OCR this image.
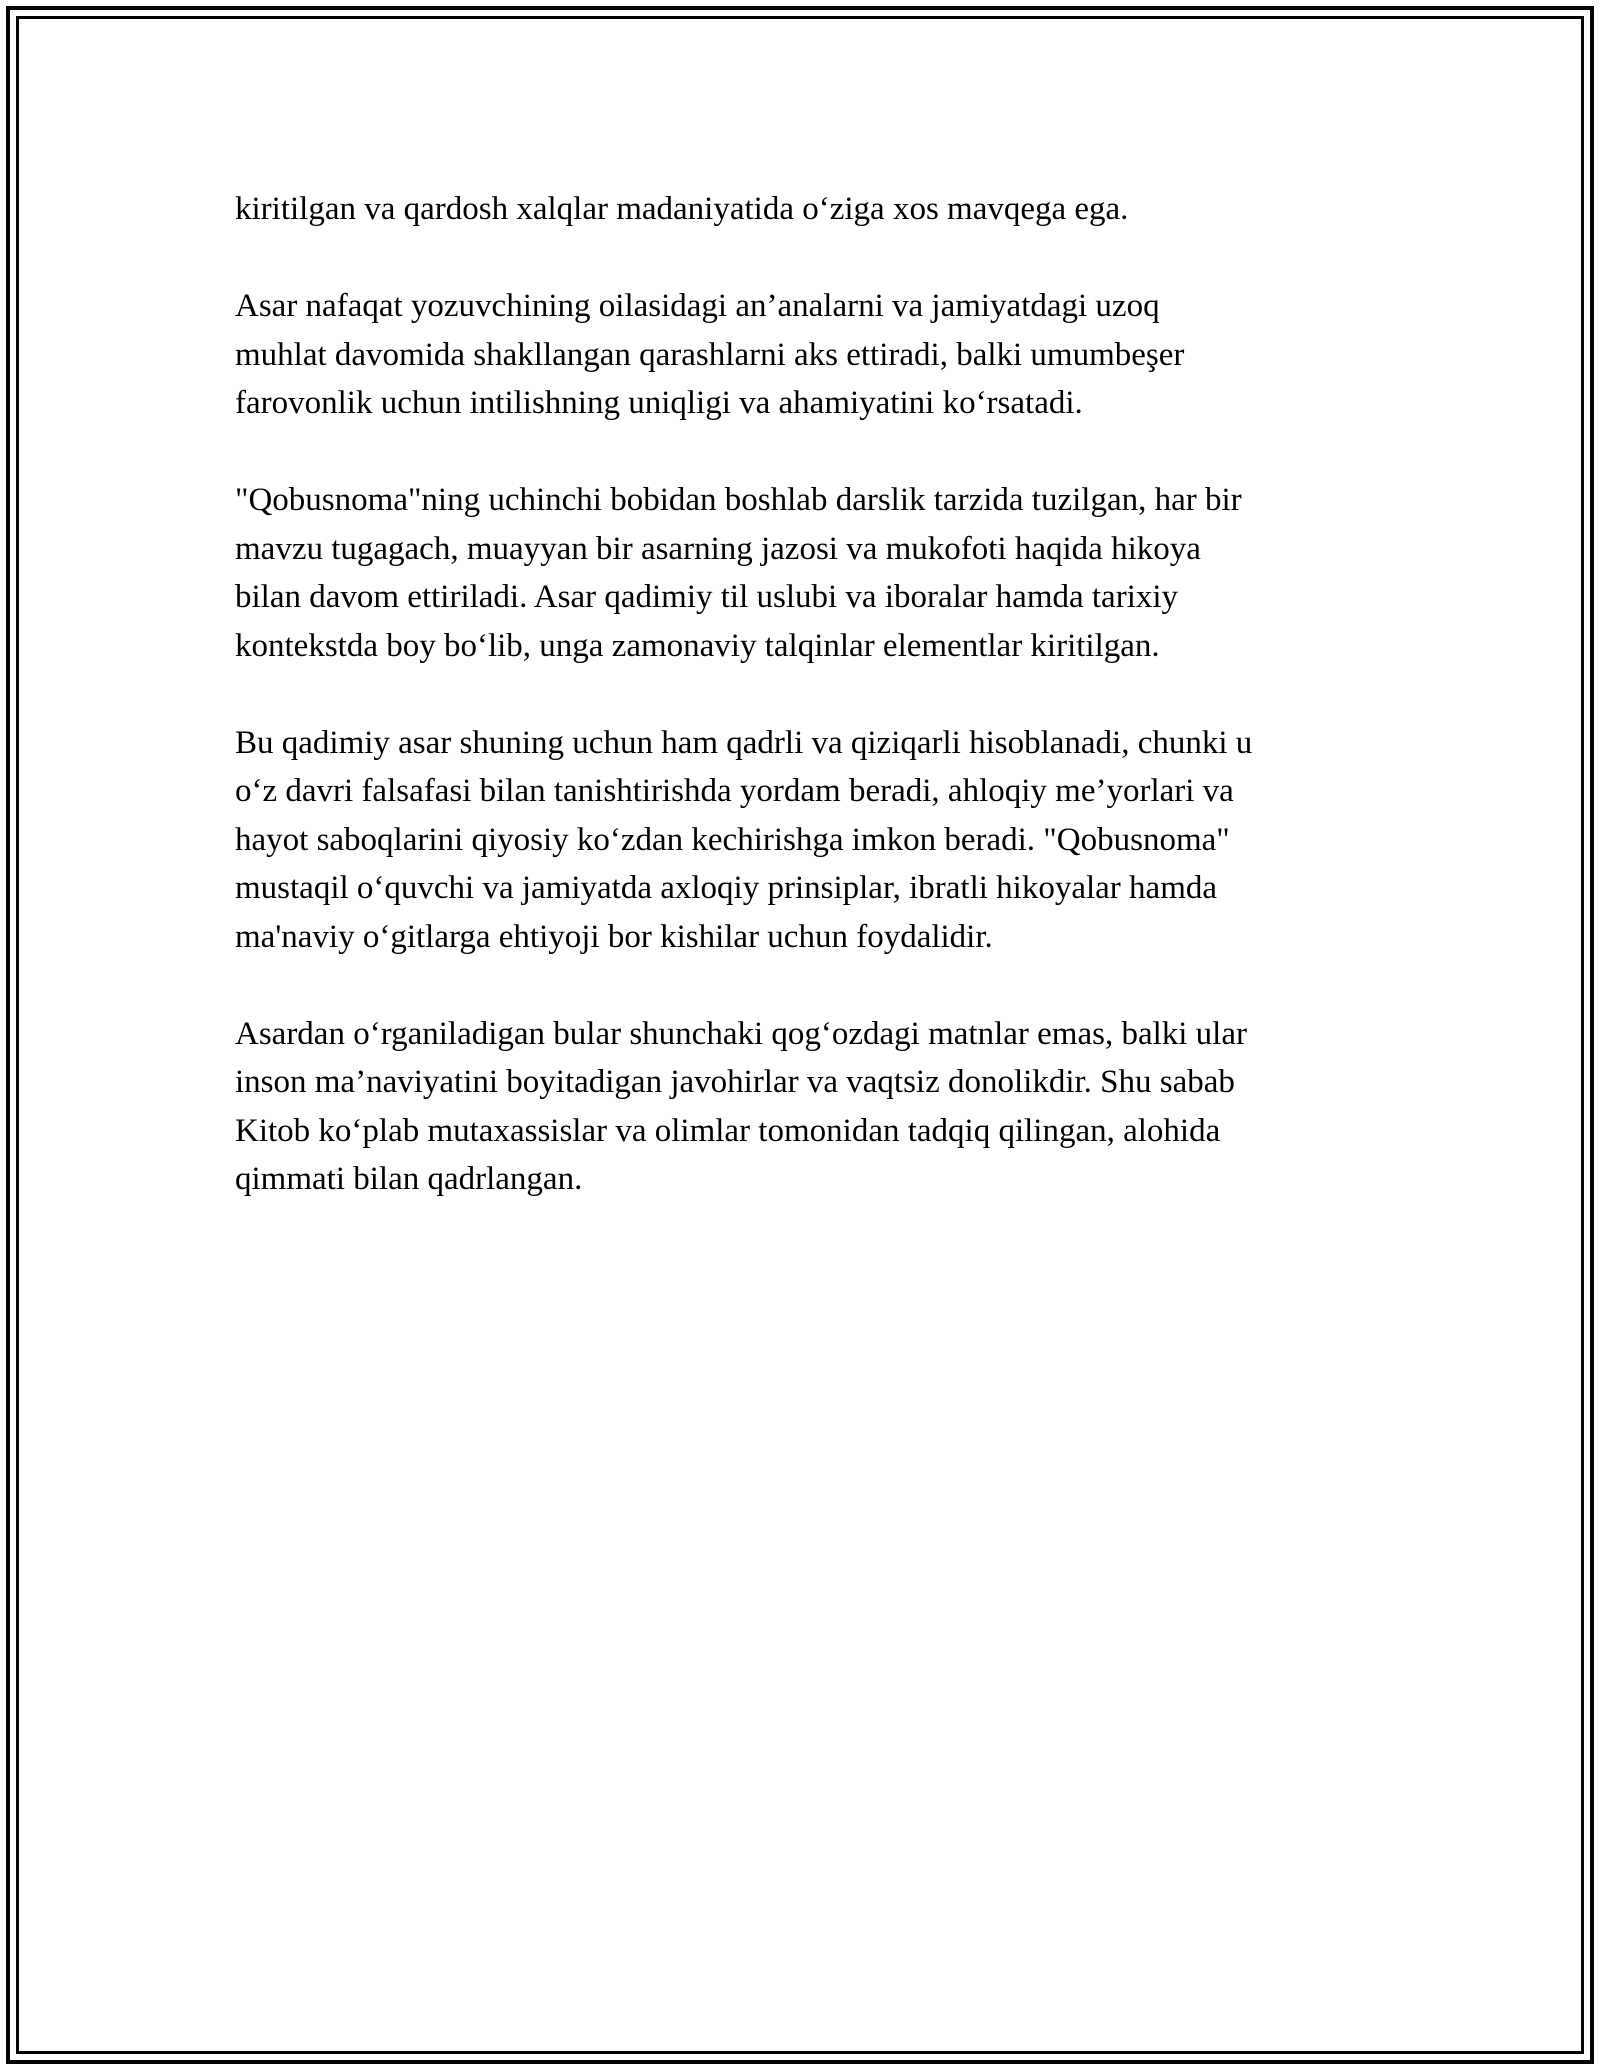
kiritilgan va qardosh xalqlar madaniyatida o‘ziga xos mavqega ega.

Asar nafaqat yozuvchining oilasidagi an’analarni va jamiyatdagi uzoq
muhlat davomida shakllangan qarashlarni aks ettiradi, balki umumbeşer
farovonlik uchun intilishning uniqligi va ahamiyatini ko‘rsatadi.

"Qobusnoma"ning uchinchi bobidan boshlab darslik tarzida tuzilgan, har bir
mavzu tugagach, muayyan bir asarning jazosi va mukofoti haqida hikoya
bilan davom ettiriladi. Asar qadimiy til uslubi va iboralar hamda tarixiy
kontekstda boy bo‘lib, unga zamonaviy talqinlar elementlar kiritilgan.

Bu qadimiy asar shuning uchun ham qadrli va qiziqarli hisoblanadi, chunki u
o‘z davri falsafasi bilan tanishtirishda yordam beradi, ahloqiy me’yorlari va
hayot saboqlarini qiyosiy ko‘zdan kechirishga imkon beradi. "Qobusnoma"
mustaqil o‘quvchi va jamiyatda axloqiy prinsiplar, ibratli hikoyalar hamda
ma'naviy o‘gitlarga ehtiyoji bor kishilar uchun foydalidir.

Asardan o‘rganiladigan bular shunchaki qog‘ozdagi matnlar emas, balki ular
inson ma’naviyatini boyitadigan javohirlar va vaqtsiz donolikdir. Shu sabab
Kitob ko‘plab mutaxassislar va olimlar tomonidan tadqiq qilingan, alohida
qimmati bilan qadrlangan.
